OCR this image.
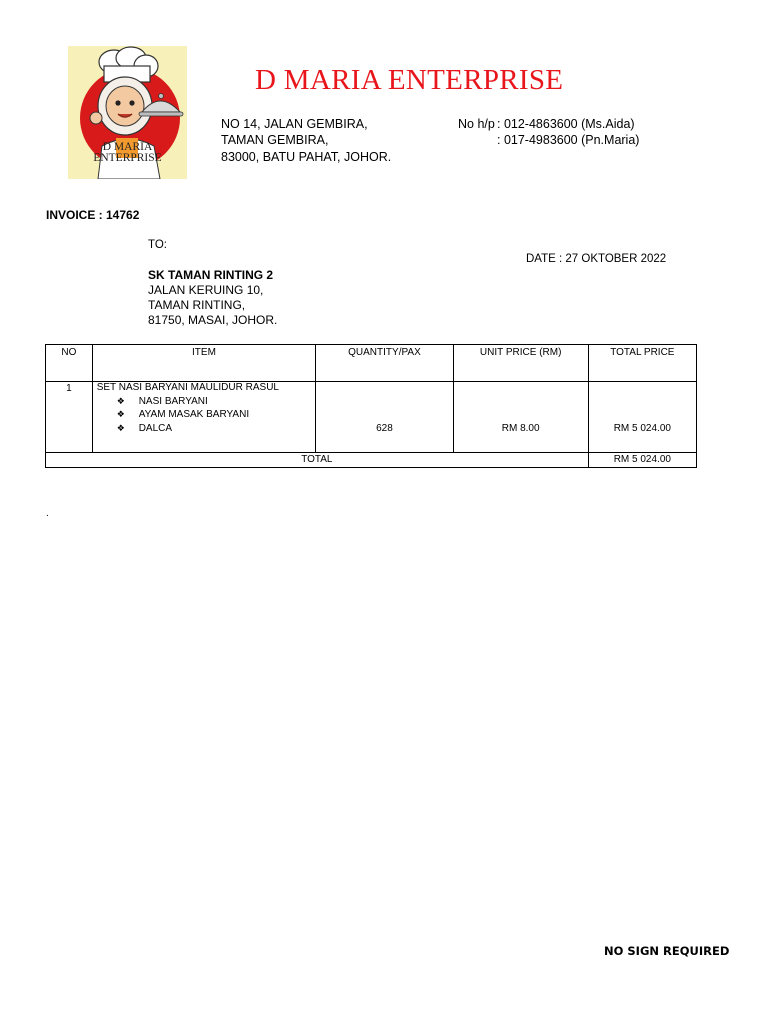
D MARIA
ENTERPRISE
D MARIA ENTERPRISE
NO 14, JALAN GEMBIRA,
TAMAN GEMBIRA,
83000, BATU PAHAT, JOHOR.
No h/p : 012-4863600 (Ms.Aida)
: 017-4983600 (Pn.Maria)
INVOICE : 14762
TO:
DATE : 27 OKTOBER 2022
SK TAMAN RINTING 2
JALAN KERUING 10,
TAMAN RINTING,
81750, MASAI, JOHOR.
NO	ITEM	QUANTITY/PAX	UNIT PRICE (RM)	TOTAL PRICE
1	SET NASI BARYANI MAULIDUR RASUL
❖ NASI BARYANI
❖ AYAM MASAK BARYANI
❖ DALCA	628	RM 8.00	RM 5 024.00

TOTAL				RM 5 024.00
.
NO SIGN REQUIRED
